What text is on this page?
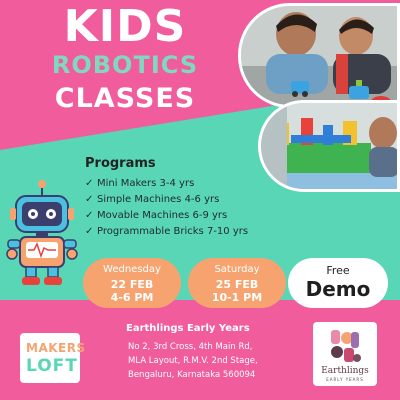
KIDS
ROBOTICS
CLASSES
Programs
✓ Mini Makers 3-4 yrs
✓ Simple Machines 4-6 yrs
✓ Movable Machines 6-9 yrs
✓ Programmable Bricks 7-10 yrs
Wednesday
22 FEB
4-6 PM
Saturday
25 FEB
10-1 PM
Free
Demo
MAKERS
LOFT
Earthlings Early Years
No 2, 3rd Cross, 4th Main Rd,
MLA Layout, R.M.V. 2nd Stage,
Bengaluru, Karnataka 560094	Earthlings
EARLY YEARS
